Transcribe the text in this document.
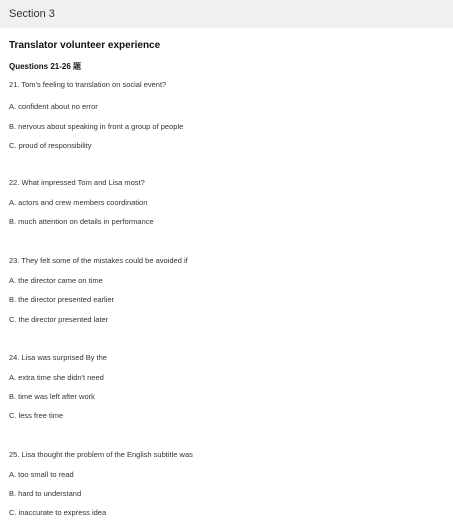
Section 3
Translator volunteer experience
Questions 21-26 题
21. Tom's feeling to translation on social event?
A. confident about no error
B. nervous about speaking in front a group of people
C. proud of responsibility
22. What impressed Tom and Lisa most?
A. actors and crew members coordination
B. much attention on details in performance
23. They felt some of the mistakes could be avoided if
A. the director came on time
B. the director presented earlier
C. the director presented later
24. Lisa was surprised By the
A. extra time she didn't need
B. time was left after work
C. less free time
25. Lisa thought the problem of the English subtitle was
A. too small to read
B. hard to understand
C. inaccurate to express idea
